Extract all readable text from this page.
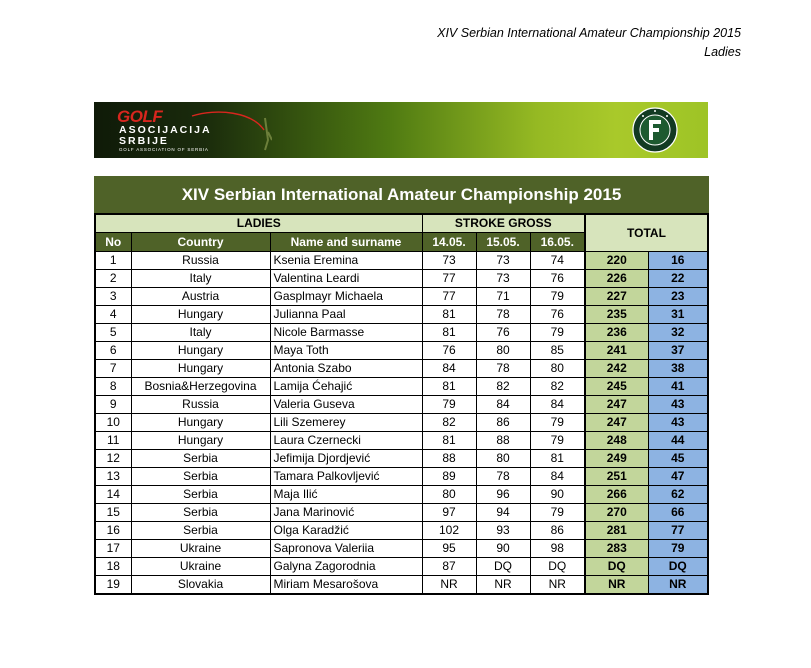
XIV Serbian International Amateur Championship 2015
Ladies
GOLF
ASOCIJACIJA
SRBIJE
GOLF ASSOCIATION OF SERBIA
XIV Serbian International Amateur Championship 2015
LADIES			STROKE GROSS			TOTAL	
No	Country	Name and surname	14.05.	15.05.	16.05.		
1	Russia	Ksenia Eremina	73	73	74	220	16
2	Italy	Valentina Leardi	77	73	76	226	22
3	Austria	Gasplmayr Michaela	77	71	79	227	23
4	Hungary	Julianna Paal	81	78	76	235	31
5	Italy	Nicole Barmasse	81	76	79	236	32
6	Hungary	Maya Toth	76	80	85	241	37
7	Hungary	Antonia Szabo	84	78	80	242	38
8	Bosnia&Herzegovina	Lamija Ćehajić	81	82	82	245	41
9	Russia	Valeria Guseva	79	84	84	247	43
10	Hungary	Lili Szemerey	82	86	79	247	43
11	Hungary	Laura Czernecki	81	88	79	248	44
12	Serbia	Jefimija Djordjević	88	80	81	249	45
13	Serbia	Tamara Palkovljević	89	78	84	251	47
14	Serbia	Maja Ilić	80	96	90	266	62
15	Serbia	Jana Marinović	97	94	79	270	66
16	Serbia	Olga Karadžić	102	93	86	281	77
17	Ukraine	Sapronova Valeriia	95	90	98	283	79
18	Ukraine	Galyna Zagorodnia	87	DQ	DQ	DQ	DQ
19	Slovakia	Miriam Mesarošova	NR	NR	NR	NR	NR
